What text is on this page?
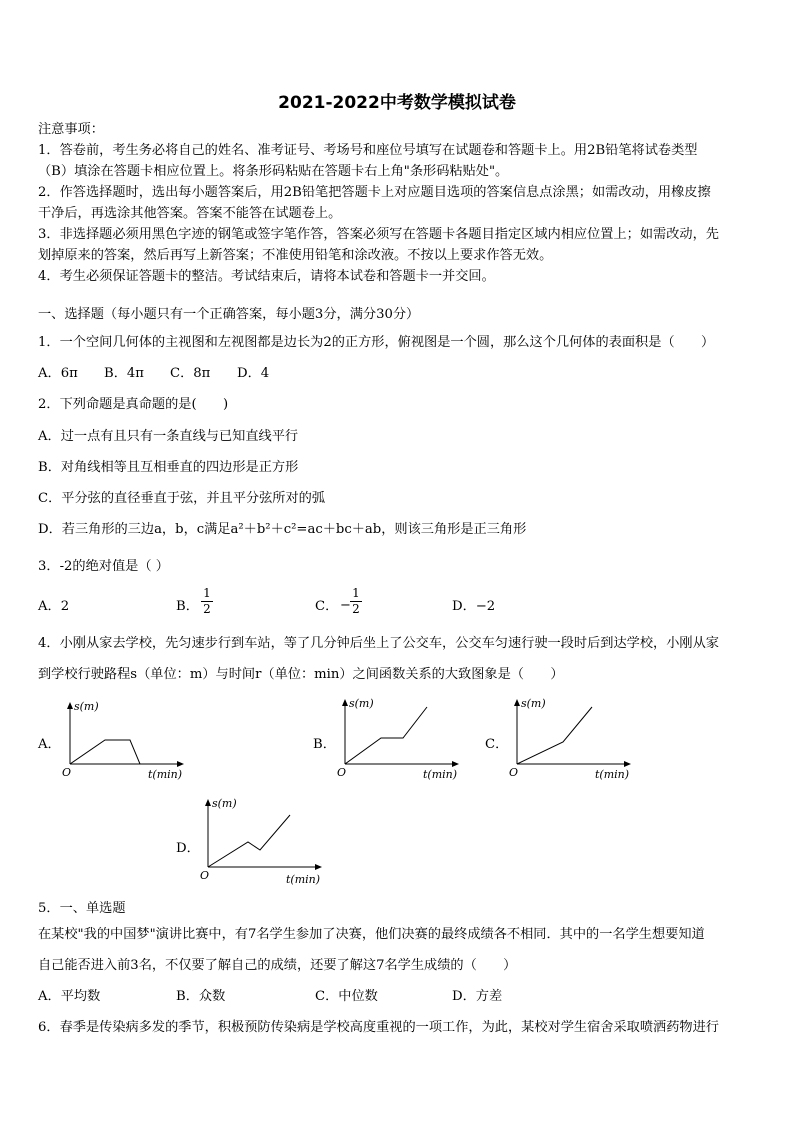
2021-2022中考数学模拟试卷
注意事项：
1．答卷前，考生务必将自己的姓名、准考证号、考场号和座位号填写在试题卷和答题卡上。用2B铅笔将试卷类型
（B）填涂在答题卡相应位置上。将条形码粘贴在答题卡右上角"条形码粘贴处"。
2．作答选择题时，选出每小题答案后，用2B铅笔把答题卡上对应题目选项的答案信息点涂黑；如需改动，用橡皮擦
干净后，再选涂其他答案。答案不能答在试题卷上。
3．非选择题必须用黑色字迹的钢笔或签字笔作答，答案必须写在答题卡各题目指定区域内相应位置上；如需改动，先
划掉原来的答案，然后再写上新答案；不准使用铅笔和涂改液。不按以上要求作答无效。
4．考生必须保证答题卡的整洁。考试结束后，请将本试卷和答题卡一并交回。
一、选择题（每小题只有一个正确答案，每小题3分，满分30分）
1．一个空间几何体的主视图和左视图都是边长为2的正方形，俯视图是一个圆，那么这个几何体的表面积是（　　）
A．6π B．4π C．8π D．4
2．下列命题是真命题的是(　　)
A．过一点有且只有一条直线与已知直线平行
B．对角线相等且互相垂直的四边形是正方形
C．平分弦的直径垂直于弦，并且平分弦所对的弧
D．若三角形的三边a，b，c满足a²＋b²＋c²=ac＋bc＋ab，则该三角形是正三角形
3．-2的绝对值是（ ）
A．2	B．
1
2	C． −
1
2	D．−2
4．小刚从家去学校，先匀速步行到车站，等了几分钟后坐上了公交车，公交车匀速行驶一段时后到达学校，小刚从家
到学校行驶路程s（单位：m）与时间r（单位：min）之间函数关系的大致图象是（　　）
A．
s(m)
O	t(min)
B．
s(m)
O	t(min)
C．
s(m)
O	t(min)
D．
s(m)
O	t(min)
5．一、单选题
在某校"我的中国梦"演讲比赛中，有7名学生参加了决赛，他们决赛的最终成绩各不相同．其中的一名学生想要知道
自己能否进入前3名，不仅要了解自己的成绩，还要了解这7名学生成绩的（　　）
A．平均数	B．众数	C．中位数	D．方差
6．春季是传染病多发的季节，积极预防传染病是学校高度重视的一项工作，为此，某校对学生宿舍采取喷洒药物进行
